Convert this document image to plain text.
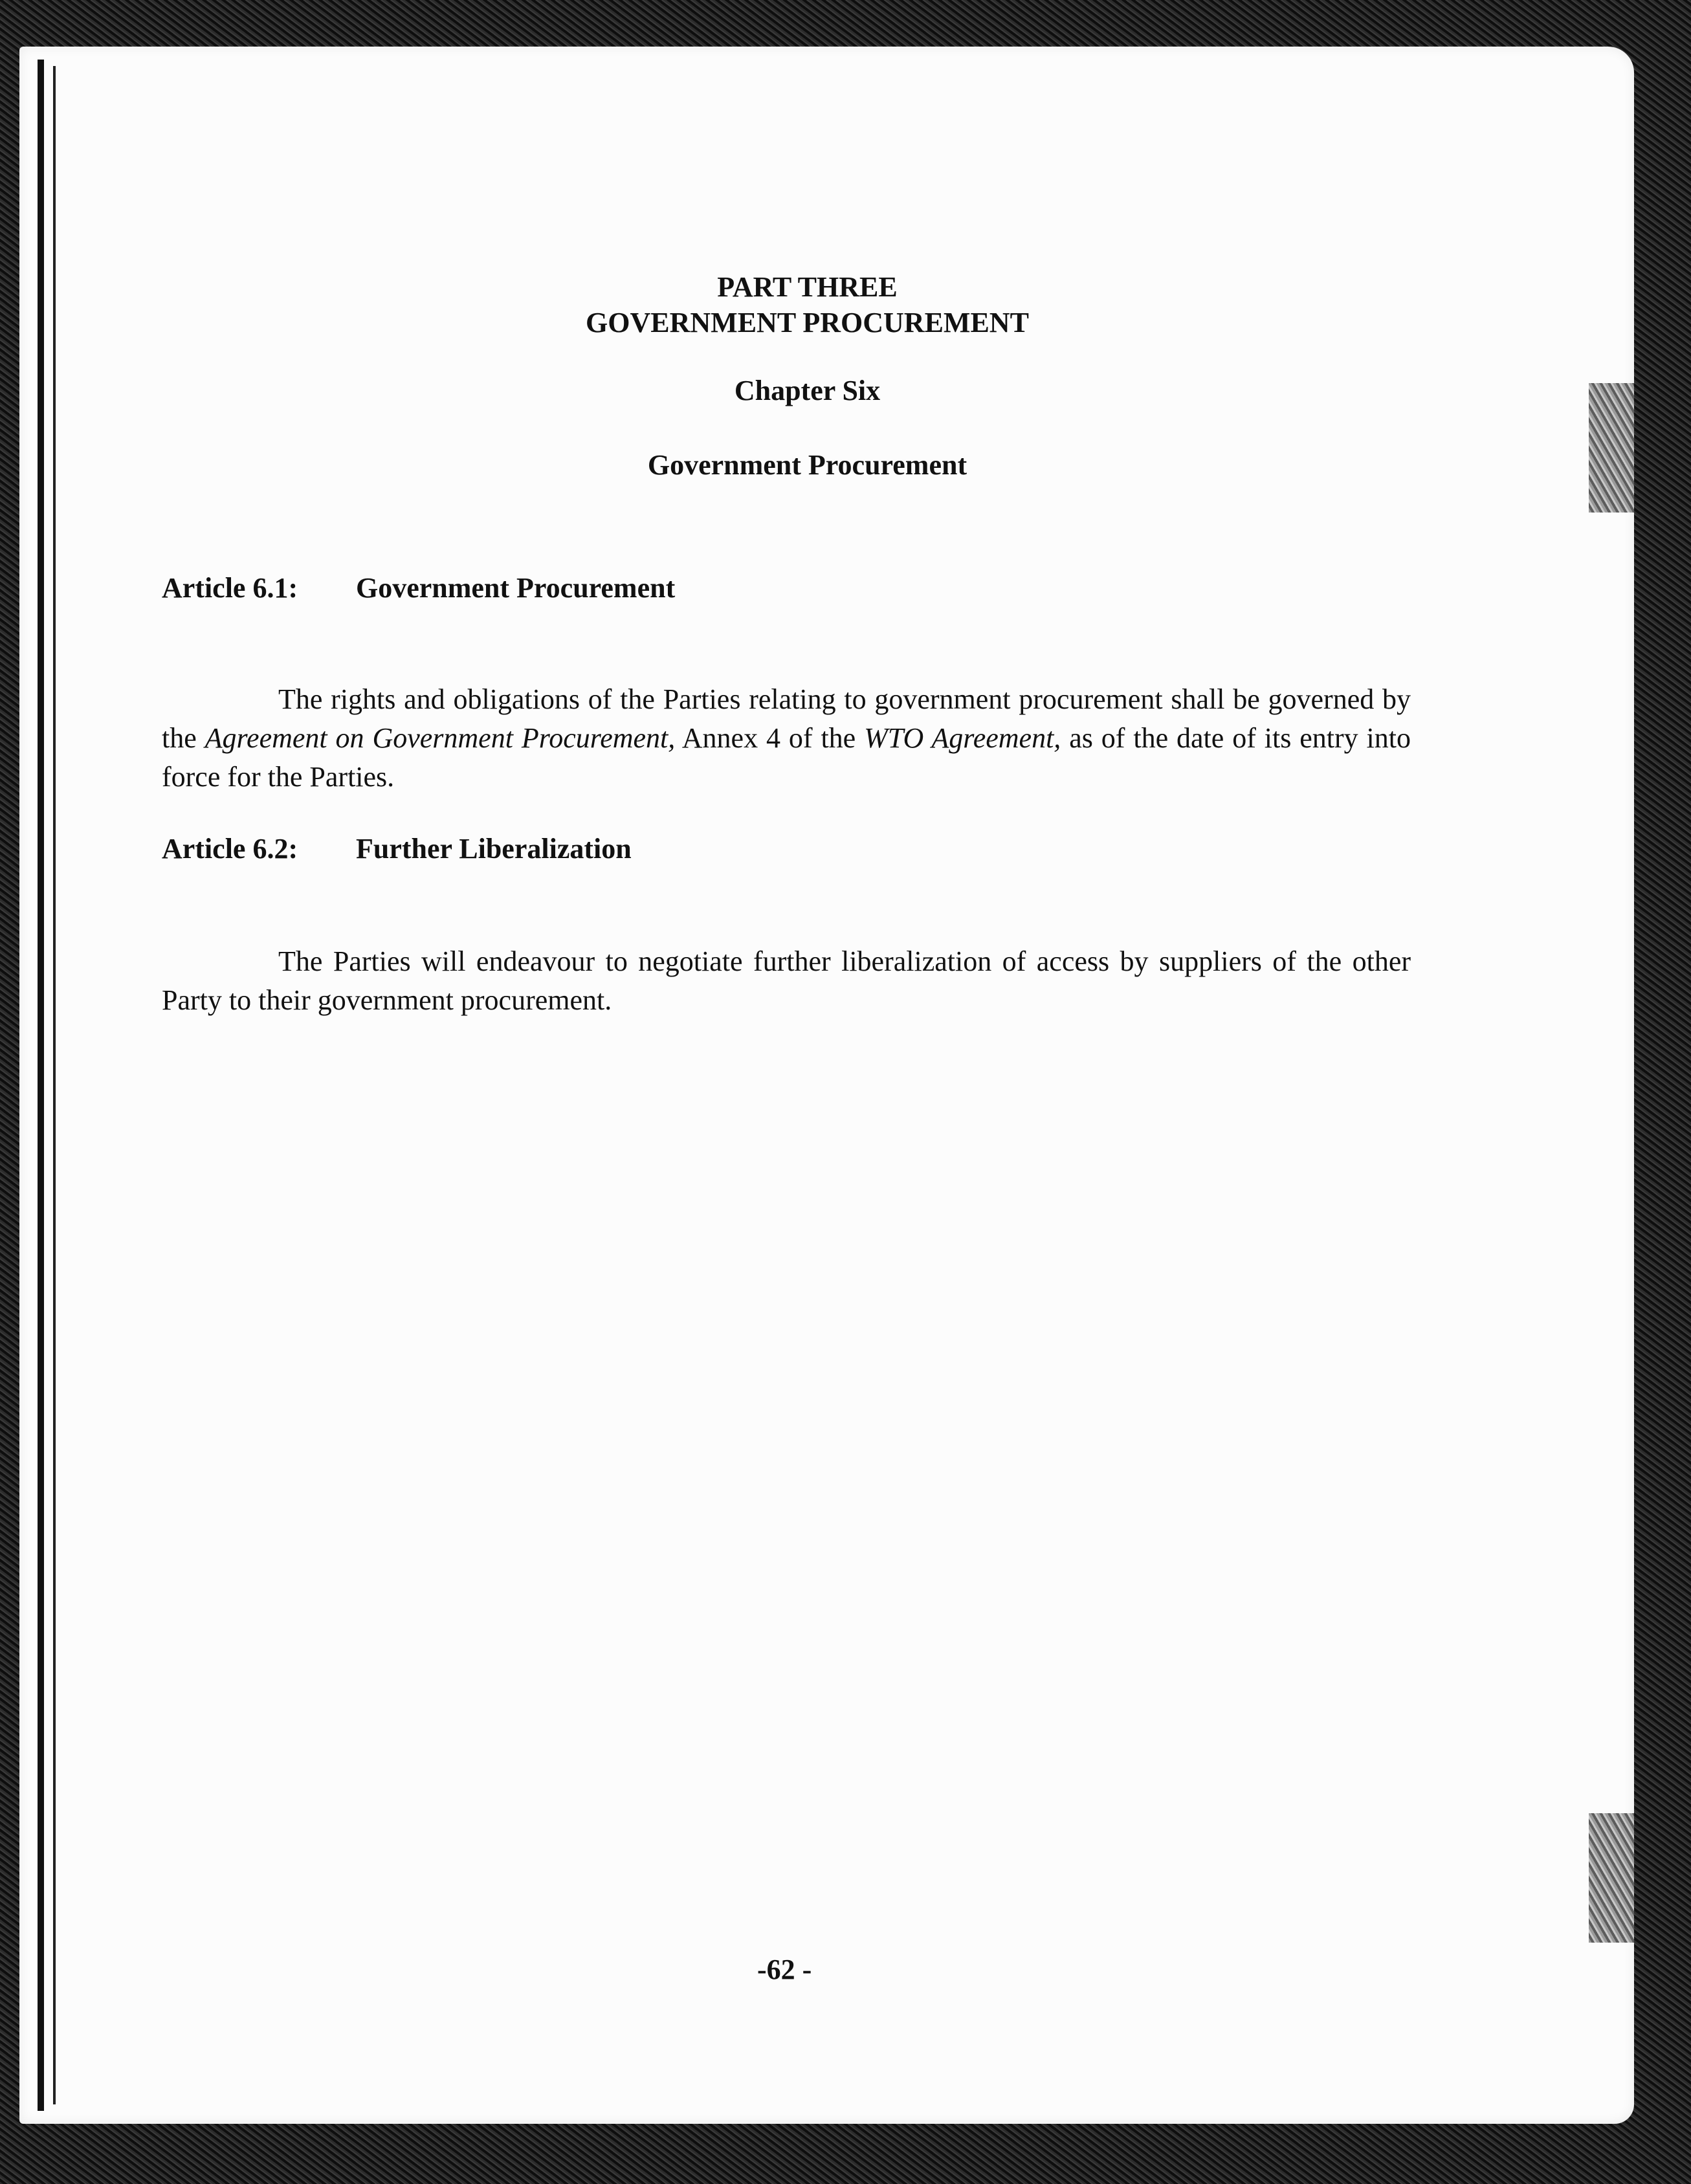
PART THREE
GOVERNMENT PROCUREMENT
Chapter Six
Government Procurement
Article 6.1: Government Procurement

The rights and obligations of the Parties relating to government procurement shall be governed by the Agreement on Government Procurement, Annex 4 of the WTO Agreement, as of the date of its entry into force for the Parties.

Article 6.2: Further Liberalization

The Parties will endeavour to negotiate further liberalization of access by suppliers of the other Party to their government procurement.

-62 -
